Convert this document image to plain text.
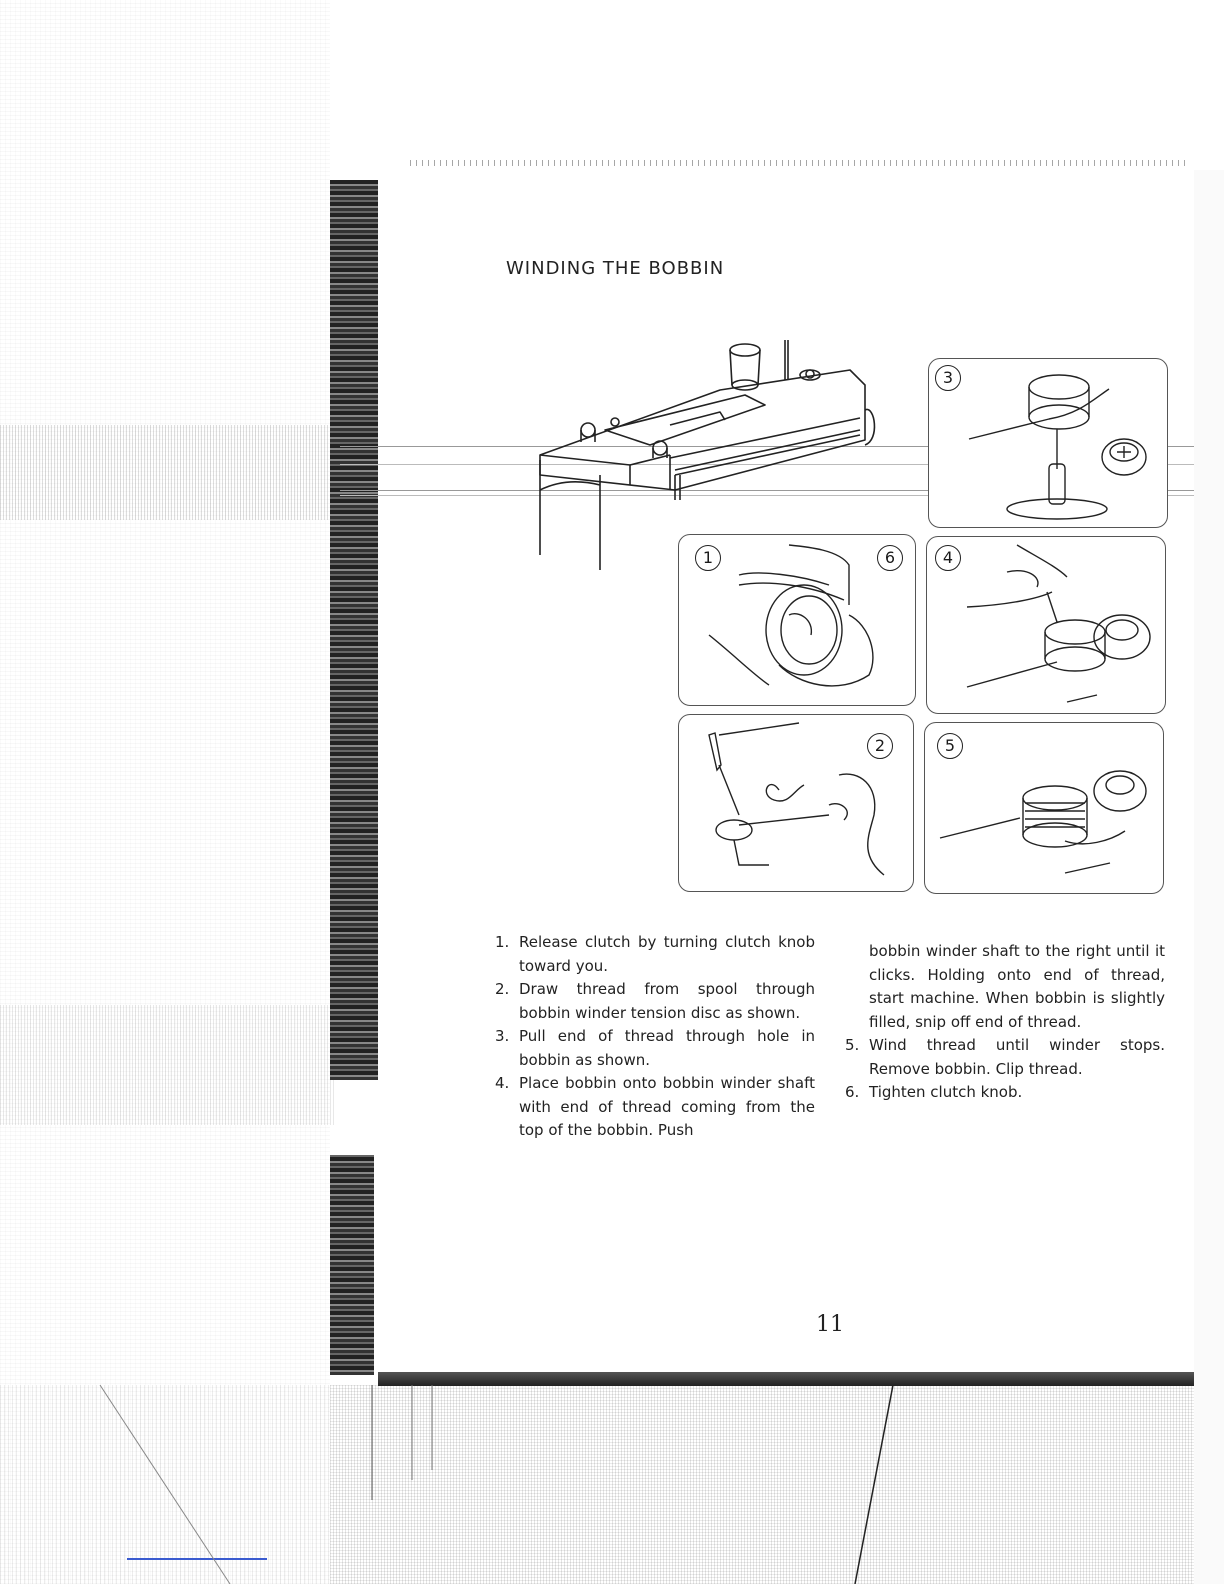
WINDING THE BOBBIN
3
1	6	4
2	5
1. Release clutch by turning clutch knob toward you.
2. Draw thread from spool through bobbin winder tension disc as shown.
3. Pull end of thread through hole in bobbin as shown.
4. Place bobbin onto bobbin winder shaft with end of thread coming from the top of the bobbin. Push
bobbin winder shaft to the right until it clicks. Holding onto end of thread, start machine. When bobbin is slightly filled, snip off end of thread.
5. Wind thread until winder stops. Remove bobbin. Clip thread.
6. Tighten clutch knob.
11
